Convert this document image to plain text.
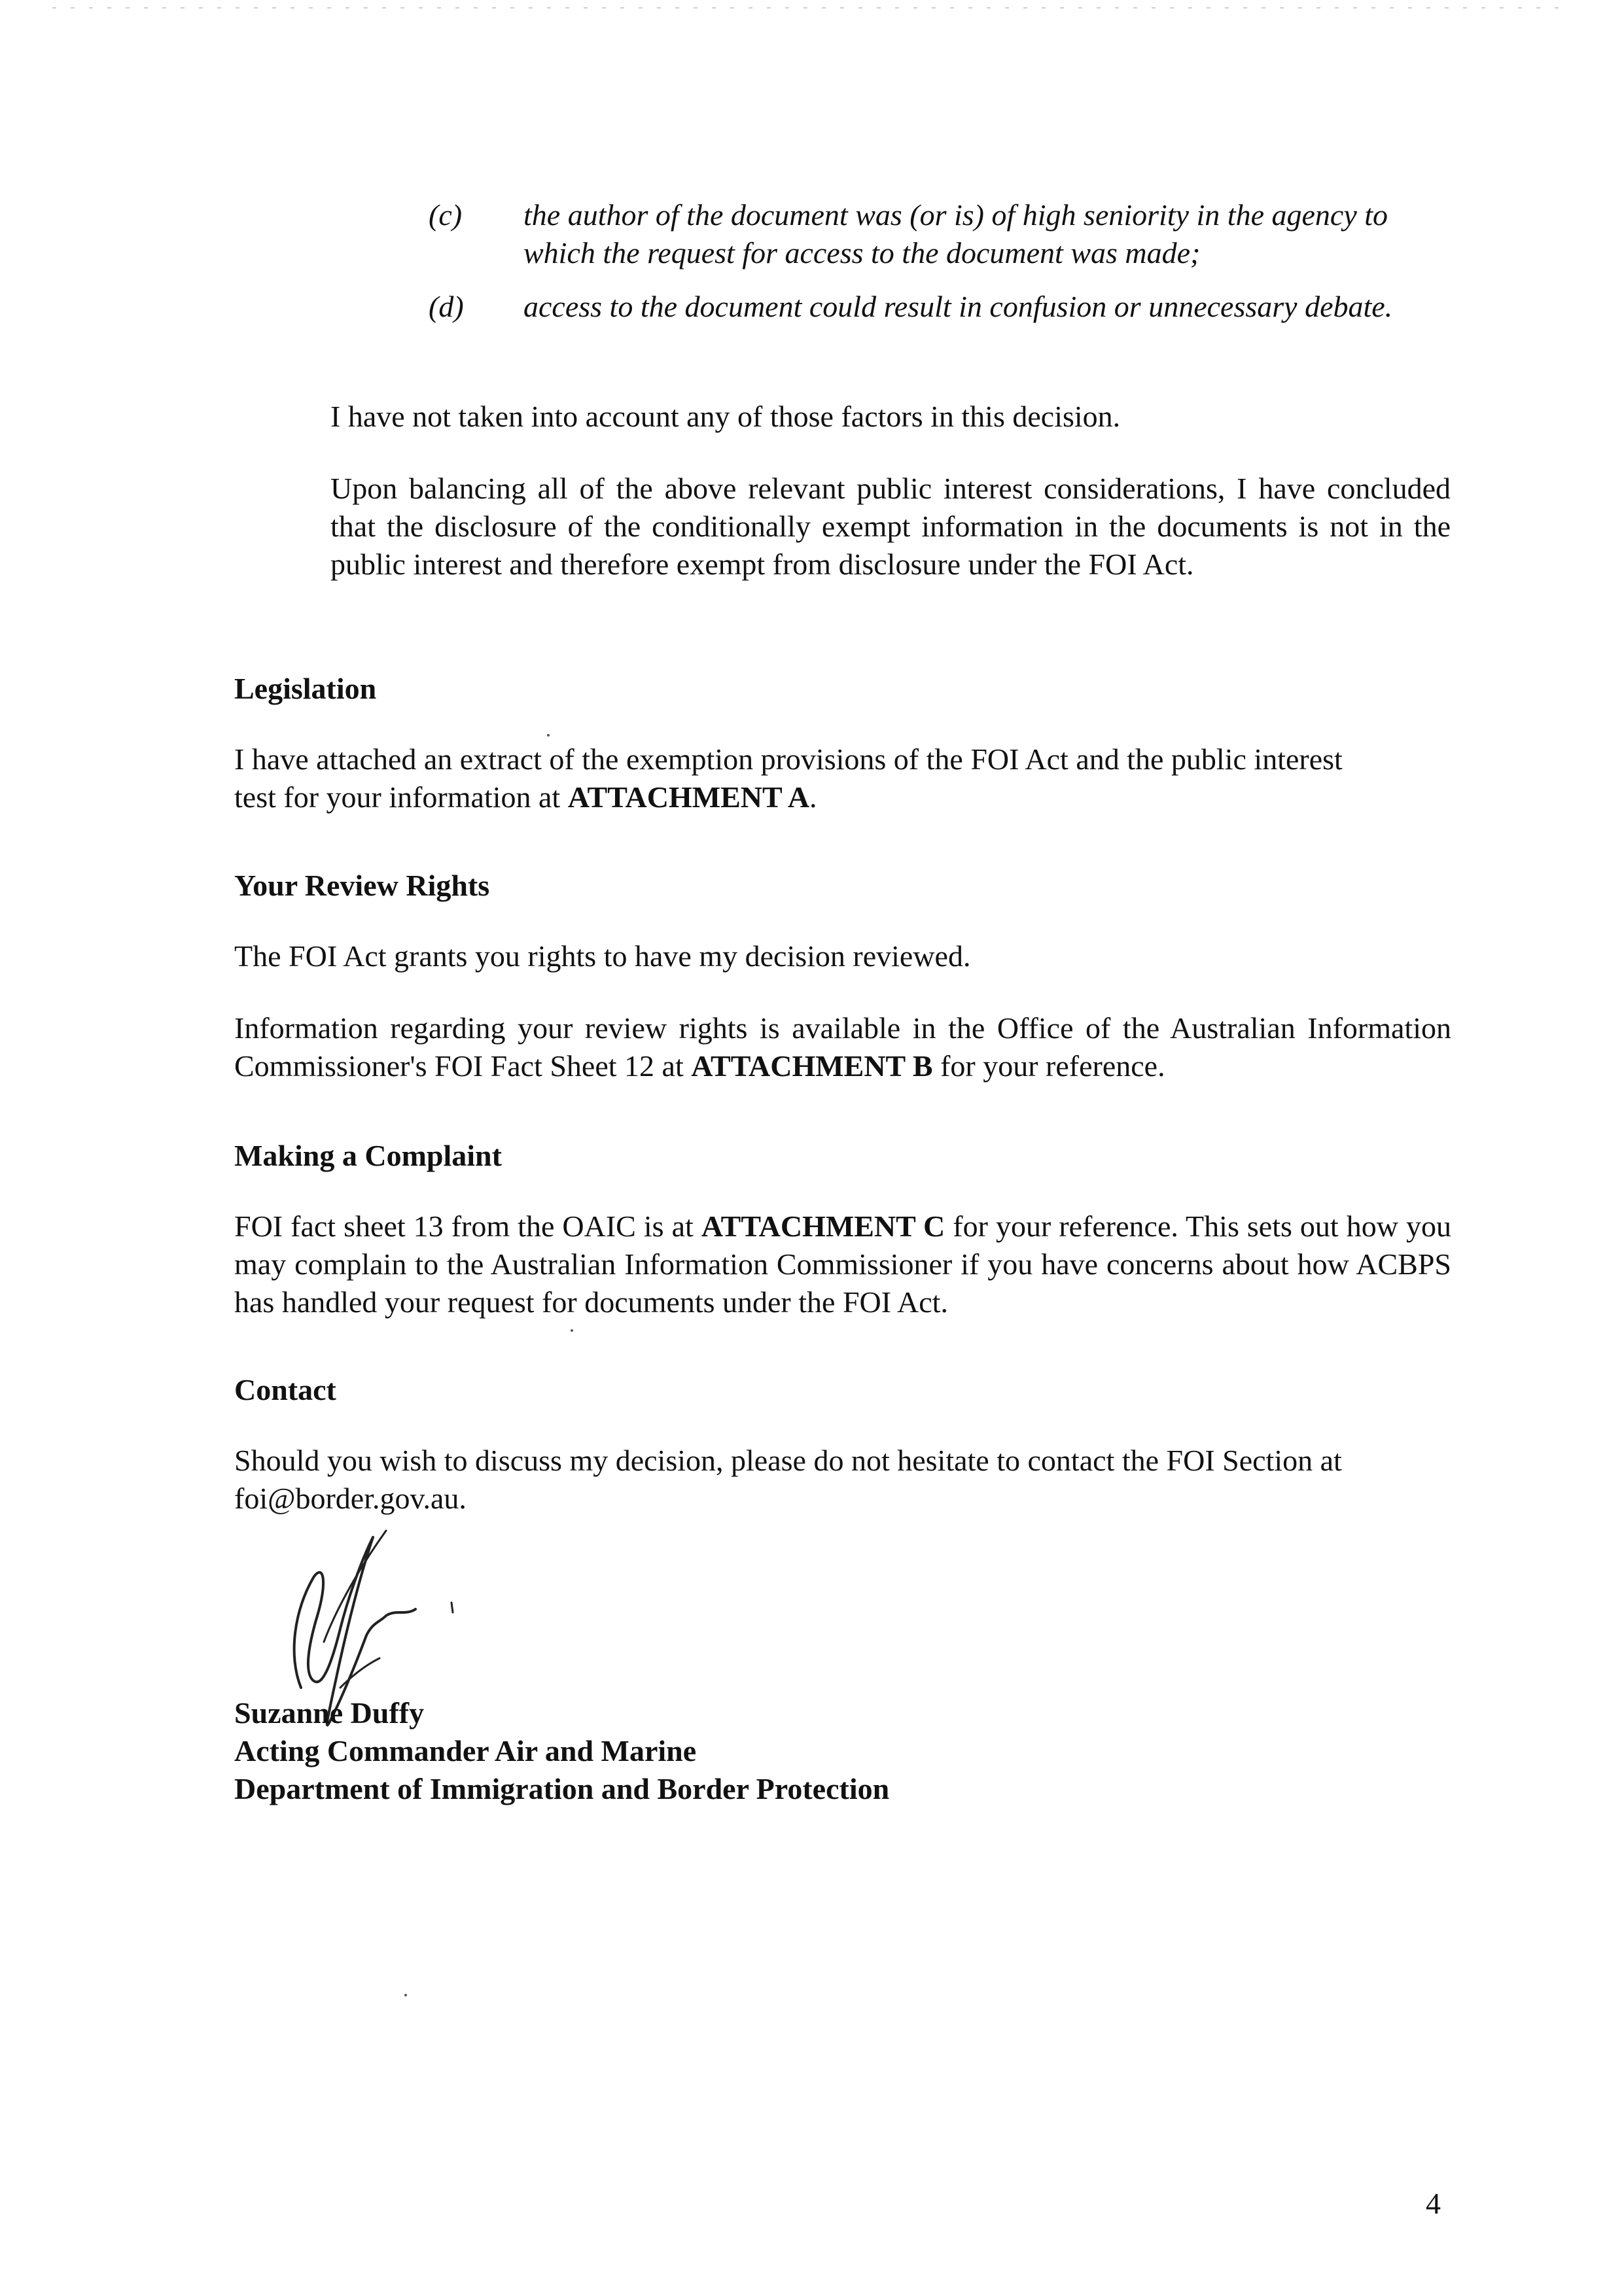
(c) the author of the document was (or is) of high seniority in the agency to which the request for access to the document was made;

(d) access to the document could result in confusion or unnecessary debate.

I have not taken into account any of those factors in this decision.

Upon balancing all of the above relevant public interest considerations, I have concluded that the disclosure of the conditionally exempt information in the documents is not in the public interest and therefore exempt from disclosure under the FOI Act.

Legislation

I have attached an extract of the exemption provisions of the FOI Act and the public interest test for your information at ATTACHMENT A.

Your Review Rights

The FOI Act grants you rights to have my decision reviewed.

Information regarding your review rights is available in the Office of the Australian Information Commissioner's FOI Fact Sheet 12 at ATTACHMENT B for your reference.

Making a Complaint

FOI fact sheet 13 from the OAIC is at ATTACHMENT C for your reference. This sets out how you may complain to the Australian Information Commissioner if you have concerns about how ACBPS has handled your request for documents under the FOI Act.

Contact

Should you wish to discuss my decision, please do not hesitate to contact the FOI Section at foi@border.gov.au.

Suzanne Duffy
Acting Commander Air and Marine
Department of Immigration and Border Protection
4
